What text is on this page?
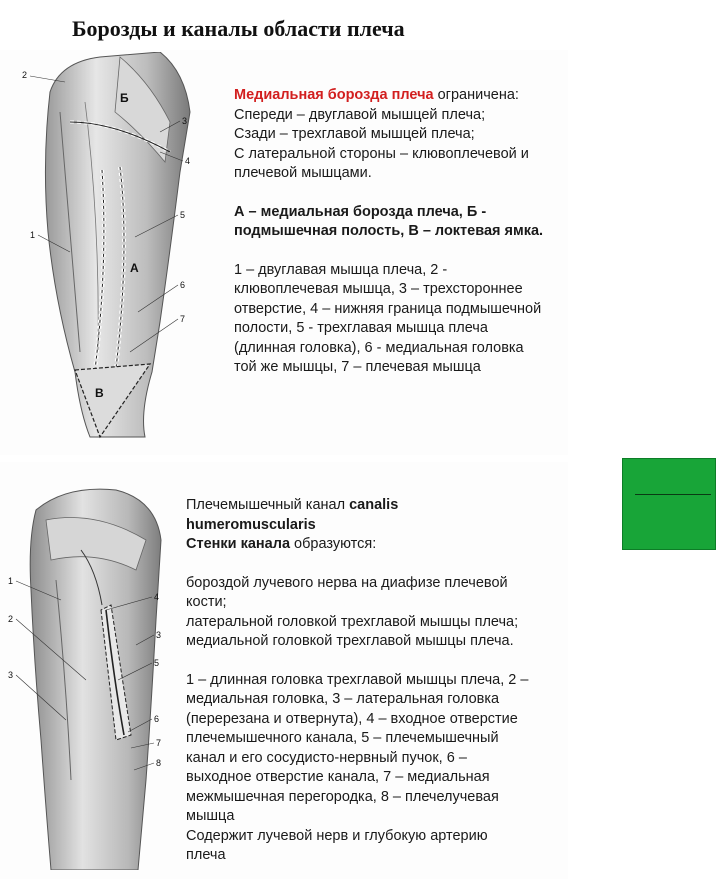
Борозды и каналы области плеча
Б
А
В
2
1
3
4
5
6
7

Медиальная борозда плеча ограничена:

Спереди – двуглавой мышцей плеча;

Сзади – трехглавой мышцей плеча;

С латеральной стороны – клювоплечевой и

плечевой мышцами.

А – медиальная борозда плеча, Б -

подмышечная полость, В – локтевая ямка.

1 – двуглавая мышца плеча, 2 -

клювоплечевая мышца, 3 – трехстороннее

отверстие, 4 – нижняя граница подмышечной

полости, 5 - трехглавая мышца плеча

(длинная головка), 6 - медиальная головка

той же мышцы, 7 – плечевая мышца

1
2
3
4
3
5
6
7
8

Плечемышечный канал canalis

humeromuscularis

Стенки канала образуются:

бороздой лучевого нерва на диафизе плечевой

кости;

латеральной головкой трехглавой мышцы плеча;

медиальной головкой трехглавой мышцы плеча.

1 – длинная головка трехглавой мышцы плеча, 2 –

медиальная головка, 3 – латеральная головка

(перерезана и отвернута), 4 – входное отверстие

плечемышечного канала, 5 – плечемышечный

канал и его сосудисто-нервный пучок, 6 –

выходное отверстие канала, 7 – медиальная

межмышечная перегородка, 8 – плечелучевая

мышца

Содержит лучевой нерв и глубокую артерию

плеча
